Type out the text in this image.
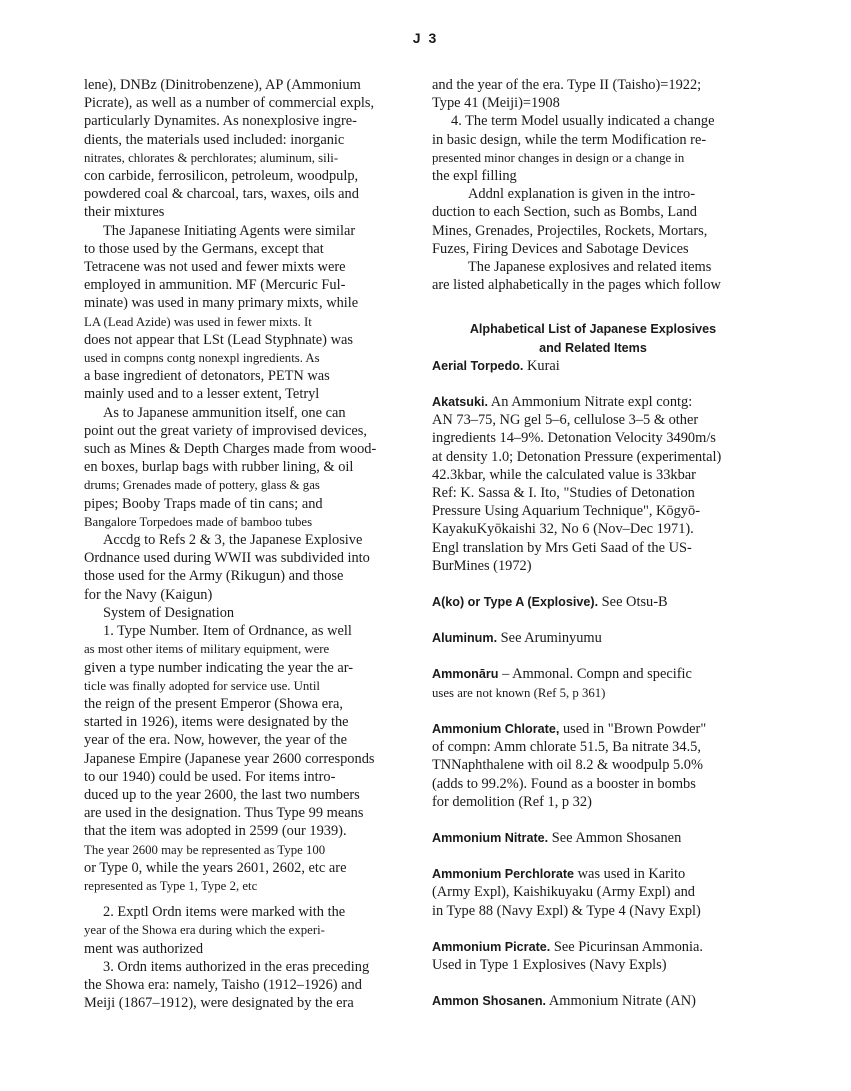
J 3
lene), DNBz (Dinitrobenzene), AP (Ammonium
Picrate), as well as a number of commercial expls,
particularly Dynamites. As nonexplosive ingre-
dients, the materials used included: inorganic
nitrates, chlorates & perchlorates; aluminum, sili-
con carbide, ferrosilicon, petroleum, woodpulp,
powdered coal & charcoal, tars, waxes, oils and
their mixtures
The Japanese Initiating Agents were similar
to those used by the Germans, except that
Tetracene was not used and fewer mixts were
employed in ammunition. MF (Mercuric Ful-
minate) was used in many primary mixts, while
LA (Lead Azide) was used in fewer mixts. It
does not appear that LSt (Lead Styphnate) was
used in compns contg nonexpl ingredients. As
a base ingredient of detonators, PETN was
mainly used and to a lesser extent, Tetryl
As to Japanese ammunition itself, one can
point out the great variety of improvised devices,
such as Mines & Depth Charges made from wood-
en boxes, burlap bags with rubber lining, & oil
drums; Grenades made of pottery, glass & gas
pipes; Booby Traps made of tin cans; and
Bangalore Torpedoes made of bamboo tubes
Accdg to Refs 2 & 3, the Japanese Explosive
Ordnance used during WWII was subdivided into
those used for the Army (Rikugun) and those
for the Navy (Kaigun)
System of Designation
1. Type Number. Item of Ordnance, as well
as most other items of military equipment, were
given a type number indicating the year the ar-
ticle was finally adopted for service use. Until
the reign of the present Emperor (Showa era,
started in 1926), items were designated by the
year of the era. Now, however, the year of the
Japanese Empire (Japanese year 2600 corresponds
to our 1940) could be used. For items intro-
duced up to the year 2600, the last two numbers
are used in the designation. Thus Type 99 means
that the item was adopted in 2599 (our 1939).
The year 2600 may be represented as Type 100
or Type 0, while the years 2601, 2602, etc are
represented as Type 1, Type 2, etc
2. Exptl Ordn items were marked with the
year of the Showa era during which the experi-
ment was authorized
3. Ordn items authorized in the eras preceding
the Showa era: namely, Taisho (1912–1926) and
Meiji (1867–1912), were designated by the era
and the year of the era. Type II (Taisho)=1922;
Type 41 (Meiji)=1908
4. The term Model usually indicated a change
in basic design, while the term Modification re-
presented minor changes in design or a change in
the expl filling
Addnl explanation is given in the intro-
duction to each Section, such as Bombs, Land
Mines, Grenades, Projectiles, Rockets, Mortars,
Fuzes, Firing Devices and Sabotage Devices
The Japanese explosives and related items
are listed alphabetically in the pages which follow
Alphabetical List of Japanese Explosives
and Related Items
Aerial Torpedo. Kurai
Akatsuki. An Ammonium Nitrate expl contg:
AN 73–75, NG gel 5–6, cellulose 3–5 & other
ingredients 14–9%. Detonation Velocity 3490m/s
at density 1.0; Detonation Pressure (experimental)
42.3kbar, while the calculated value is 33kbar
Ref: K. Sassa & I. Ito, "Studies of Detonation
Pressure Using Aquarium Technique", Kōgyō-
KayakuKyōkaishi 32, No 6 (Nov–Dec 1971).
Engl translation by Mrs Geti Saad of the US-
BurMines (1972)
A(ko) or Type A (Explosive). See Otsu-B
Aluminum. See Aruminyumu
Ammonāru – Ammonal. Compn and specific
uses are not known (Ref 5, p 361)
Ammonium Chlorate, used in "Brown Powder"
of compn: Amm chlorate 51.5, Ba nitrate 34.5,
TNNaphthalene with oil 8.2 & woodpulp 5.0%
(adds to 99.2%). Found as a booster in bombs
for demolition (Ref 1, p 32)
Ammonium Nitrate. See Ammon Shosanen
Ammonium Perchlorate was used in Karito
(Army Expl), Kaishikuyaku (Army Expl) and
in Type 88 (Navy Expl) & Type 4 (Navy Expl)
Ammonium Picrate. See Picurinsan Ammonia.
Used in Type 1 Explosives (Navy Expls)
Ammon Shosanen. Ammonium Nitrate (AN)
